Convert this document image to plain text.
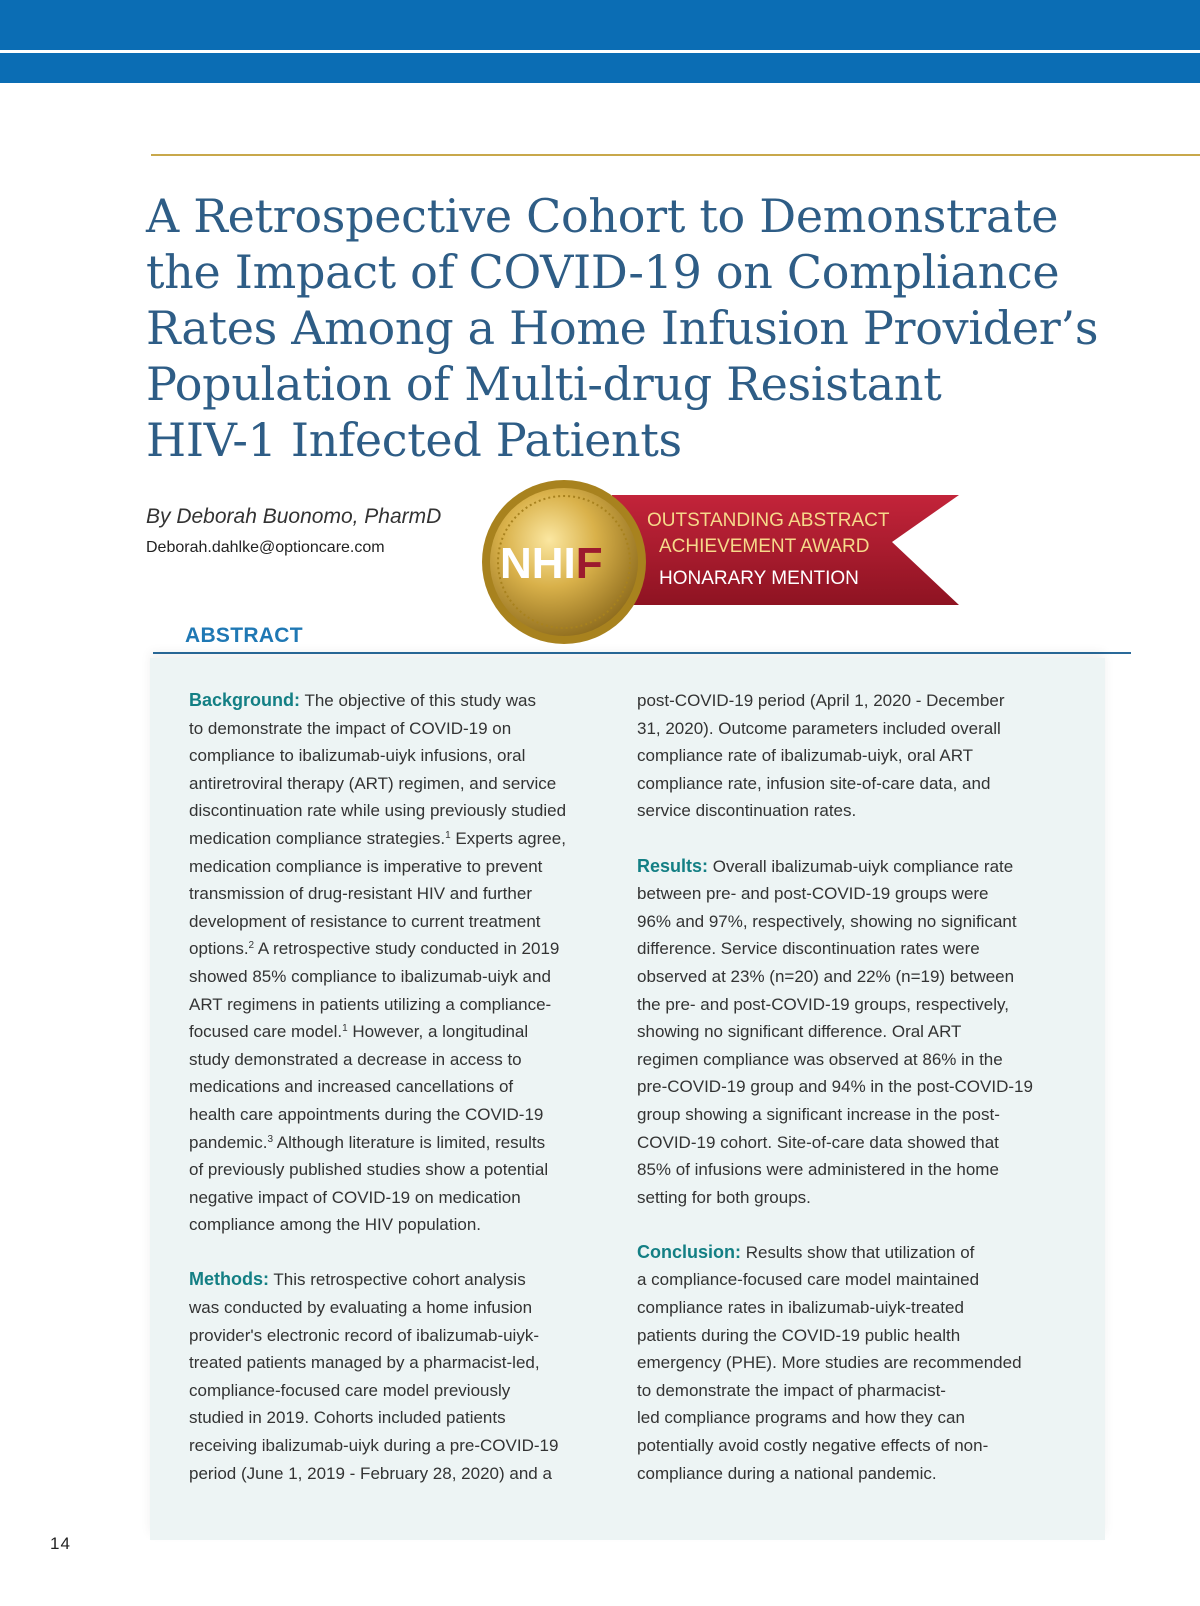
A Retrospective Cohort to Demonstrate
the Impact of COVID-19 on Compliance
Rates Among a Home Infusion Provider’s
Population of Multi-drug Resistant
HIV-1 Infected Patients
By Deborah Buonomo, PharmD
Deborah.dahlke@optioncare.com	NHIF
OUTSTANDING ABSTRACT
ACHIEVEMENT AWARD
HONARARY MENTION
ABSTRACT

Background: The objective of this study was
to demonstrate the impact of COVID-19 on
compliance to ibalizumab-uiyk infusions, oral
antiretroviral therapy (ART) regimen, and service
discontinuation rate while using previously studied
medication compliance strategies.$^1$ Experts agree,
medication compliance is imperative to prevent
transmission of drug-resistant HIV and further
development of resistance to current treatment
options.$^2$ A retrospective study conducted in 2019
showed 85% compliance to ibalizumab-uiyk and
ART regimens in patients utilizing a compliance-
focused care model.$^1$ However, a longitudinal
study demonstrated a decrease in access to
medications and increased cancellations of
health care appointments during the COVID-19
pandemic.$^3$ Although literature is limited, results
of previously published studies show a potential
negative impact of COVID-19 on medication
compliance among the HIV population.

Methods: This retrospective cohort analysis
was conducted by evaluating a home infusion
provider's electronic record of ibalizumab-uiyk-
treated patients managed by a pharmacist-led,
compliance-focused care model previously
studied in 2019. Cohorts included patients
receiving ibalizumab-uiyk during a pre-COVID-19
period (June 1, 2019 - February 28, 2020) and a

post-COVID-19 period (April 1, 2020 - December
31, 2020). Outcome parameters included overall
compliance rate of ibalizumab-uiyk, oral ART
compliance rate, infusion site-of-care data, and
service discontinuation rates.

Results: Overall ibalizumab-uiyk compliance rate
between pre- and post-COVID-19 groups were
96% and 97%, respectively, showing no significant
difference. Service discontinuation rates were
observed at 23% (n=20) and 22% (n=19) between
the pre- and post-COVID-19 groups, respectively,
showing no significant difference. Oral ART
regimen compliance was observed at 86% in the
pre-COVID-19 group and 94% in the post-COVID-19
group showing a significant increase in the post-
COVID-19 cohort. Site-of-care data showed that
85% of infusions were administered in the home
setting for both groups.

Conclusion: Results show that utilization of
a compliance-focused care model maintained
compliance rates in ibalizumab-uiyk-treated
patients during the COVID-19 public health
emergency (PHE). More studies are recommended
to demonstrate the impact of pharmacist-
led compliance programs and how they can
potentially avoid costly negative effects of non-
compliance during a national pandemic.

14
